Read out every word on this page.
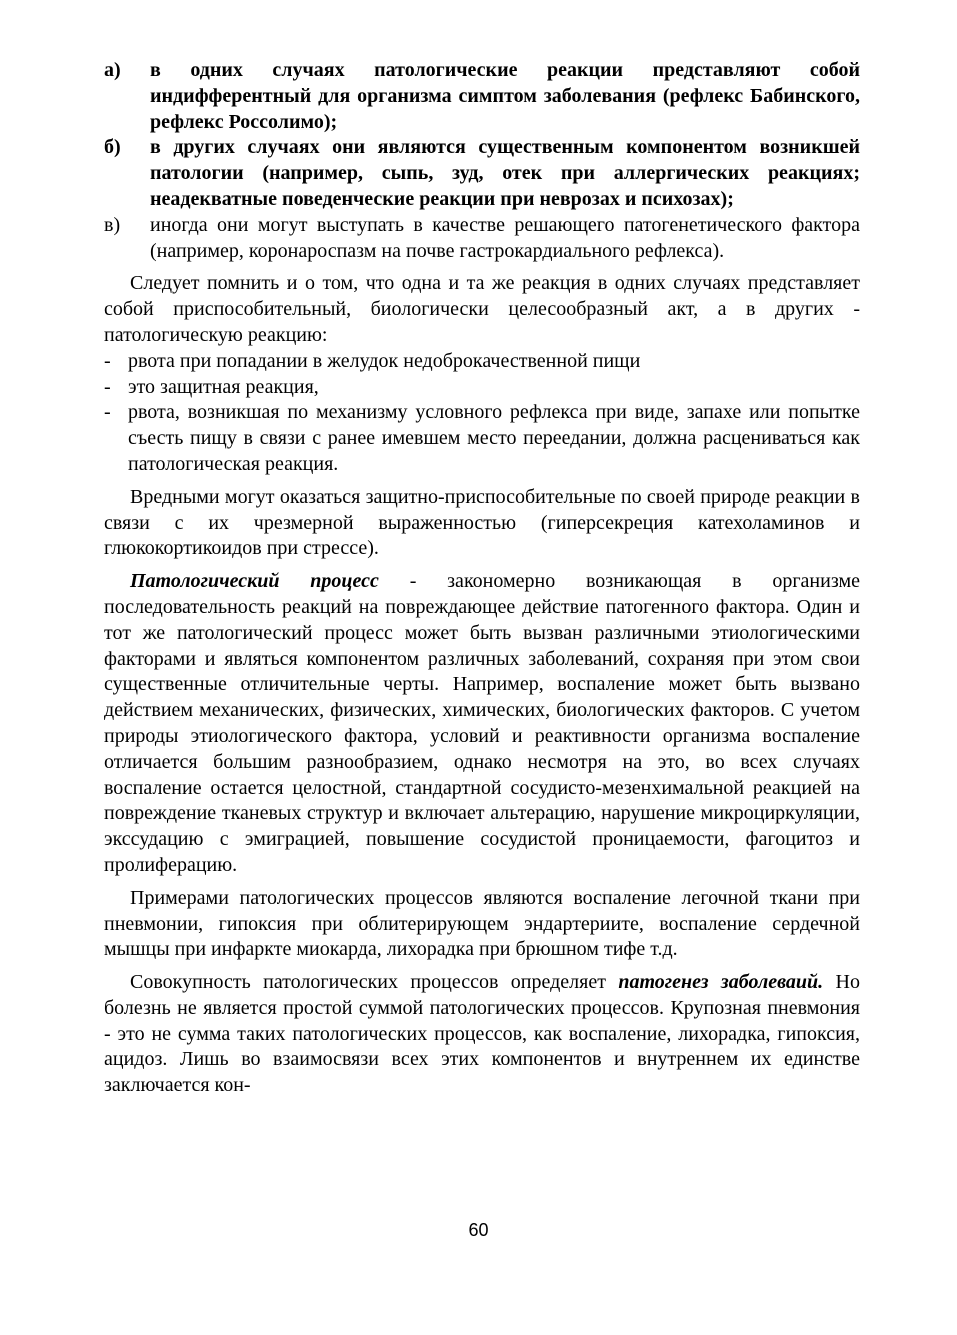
а)	в одних случаях патологические реакции представляют собой индифферентный для организма симптом заболевания (рефлекс Бабинского, рефлекс Россолимо);
б)	в других случаях они являются существенным компонентом возникшей патологии (например, сыпь, зуд, отек при аллергических реакциях; неадекватные поведенческие реакции при неврозах и психозах);
в)	иногда они могут выступать в качестве решающего патогенетического фактора (например, коронароспазм на почве гастрокардиального рефлекса).

Следует помнить и о том, что одна и та же реакция в одних случаях представляет собой приспособительный, биологически целесообразный акт, а в других - патологическую реакцию:

- рвота при попадании в желудок недоброкачественной пищи
- это защитная реакция,
- рвота, возникшая по механизму условного рефлекса при виде, запахе или попытке съесть пищу в связи с ранее имевшем место переедании, должна расцениваться как патологическая реакция.

Вредными могут оказаться защитно-приспособительные по своей природе реакции в связи с их чрезмерной выраженностью (гиперсекреция катехоламинов и глюкокортикоидов при стрессе).

Патологический процесс - закономерно возникающая в организме последовательность реакций на повреждающее действие патогенного фактора. Один и тот же патологический процесс может быть вызван различными этиологическими факторами и являться компонентом различных заболеваний, сохраняя при этом свои существенные отличительные черты. Например, воспаление может быть вызвано действием механических, физических, химических, биологических факторов. С учетом природы этиологического фактора, условий и реактивности организма воспаление отличается большим разнообразием, однако несмотря на это, во всех случаях воспаление остается целостной, стандартной сосудисто-мезенхимальной реакцией на повреждение тканевых структур и включает альтерацию, нарушение микроциркуляции, экссудацию с эмиграцией, повышение сосудистой проницаемости, фагоцитоз и пролиферацию.

Примерами патологических процессов являются воспаление легочной ткани при пневмонии, гипоксия при облитерирующем эндартериите, воспаление сердечной мышцы при инфаркте миокарда, лихорадка при брюшном тифе т.д.

Совокупность патологических процессов определяет патогенез заболеваий. Но болезнь не является простой суммой патологических процессов. Крупозная пневмония - это не сумма таких патологических процессов, как воспаление, лихорадка, гипоксия, ацидоз. Лишь во взаимосвязи всех этих компонентов и внутреннем их единстве заключается кон-

60
